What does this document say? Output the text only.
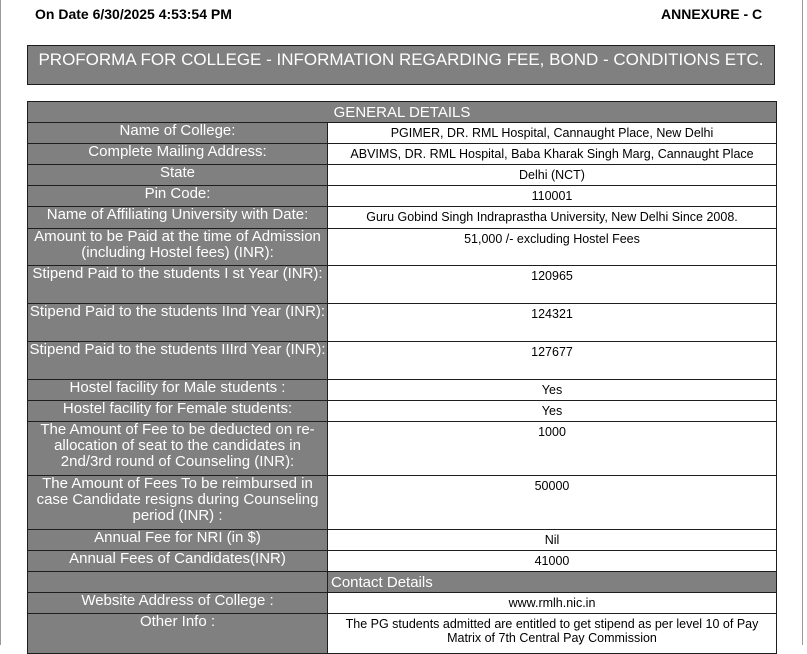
On Date 6/30/2025 4:53:54 PM	ANNEXURE - C
PROFORMA FOR COLLEGE - INFORMATION REGARDING FEE, BOND - CONDITIONS ETC.
GENERAL DETAILS	
Name of College:	PGIMER, DR. RML Hospital, Cannaught Place, New Delhi
Complete Mailing Address:	ABVIMS, DR. RML Hospital, Baba Kharak Singh Marg, Cannaught Place
State	Delhi (NCT)
Pin Code:	110001
Name of Affiliating University with Date:	Guru Gobind Singh Indraprastha University, New Delhi Since 2008.
Amount to be Paid at the time of Admission (including Hostel fees) (INR):	51,000 /- excluding Hostel Fees
Stipend Paid to the students I st Year (INR):	120965
Stipend Paid to the students IInd Year (INR):	124321
Stipend Paid to the students IIIrd Year (INR):	127677
Hostel facility for Male students :	Yes
Hostel facility for Female students:	Yes
The Amount of Fee to be deducted on re-allocation of seat to the candidates in 2nd/3rd round of Counseling (INR):	1000
The Amount of Fees To be reimbursed in case Candidate resigns during Counseling period (INR) :	50000
Annual Fee for NRI (in $)	Nil
Annual Fees of Candidates(INR)	41000
	Contact Details
Website Address of College :	www.rmlh.nic.in
Other Info :	The PG students admitted are entitled to get stipend as per level 10 of Pay Matrix of 7th Central Pay Commission
